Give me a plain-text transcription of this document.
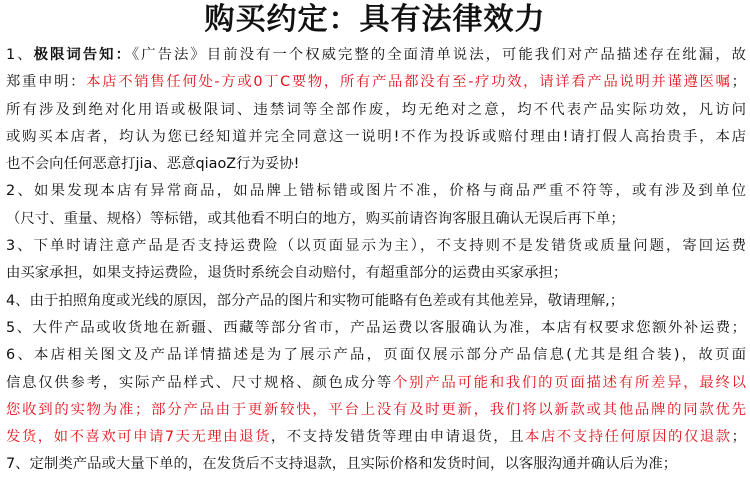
购买约定：具有法律效力
1、极限词告知：《广告法》目前没有一个权威完整的全面清单说法，可能我们对产品描述存在纰漏，故
郑重申明：本店不销售任何处-方或0丁C要物，所有产品都没有至-疗功效，请详看产品说明并谨遵医嘱；
所有涉及到绝对化用语或极限词、违禁词等全部作废，均无绝对之意，均不代表产品实际功效，凡访问
或购买本店者，均认为您已经知道并完全同意这一说明!不作为投诉或赔付理由!请打假人高抬贵手，本店
也不会向任何恶意打jia、恶意qiaoZ行为妥协!
2、如果发现本店有异常商品，如品牌上错标错或图片不准，价格与商品严重不符等，或有涉及到单位
（尺寸、重量、规格）等标错，或其他看不明白的地方，购买前请咨询客服且确认无误后再下单；
3、下单时请注意产品是否支持运费险（以页面显示为主），不支持则不是发错货或质量问题，寄回运费
由买家承担，如果支持运费险，退货时系统会自动赔付，有超重部分的运费由买家承担；
4、由于拍照角度或光线的原因，部分产品的图片和实物可能略有色差或有其他差异，敬请理解,；
5、大件产品或收货地在新疆、西藏等部分省市，产品运费以客服确认为准，本店有权要求您额外补运费；
6、本店相关图文及产品详情描述是为了展示产品，页面仅展示部分产品信息(尤其是组合装)，故页面
信息仅供参考，实际产品样式、尺寸规格、颜色成分等个别产品可能和我们的页面描述有所差异，最终以
您收到的实物为准；部分产品由于更新较快，平台上没有及时更新，我们将以新款或其他品牌的同款优先
发货，如不喜欢可申请7天无理由退货，不支持发错货等理由申请退货，且本店不支持任何原因的仅退款；
7、定制类产品或大量下单的，在发货后不支持退款，且实际价格和发货时间，以客服沟通并确认后为准；
